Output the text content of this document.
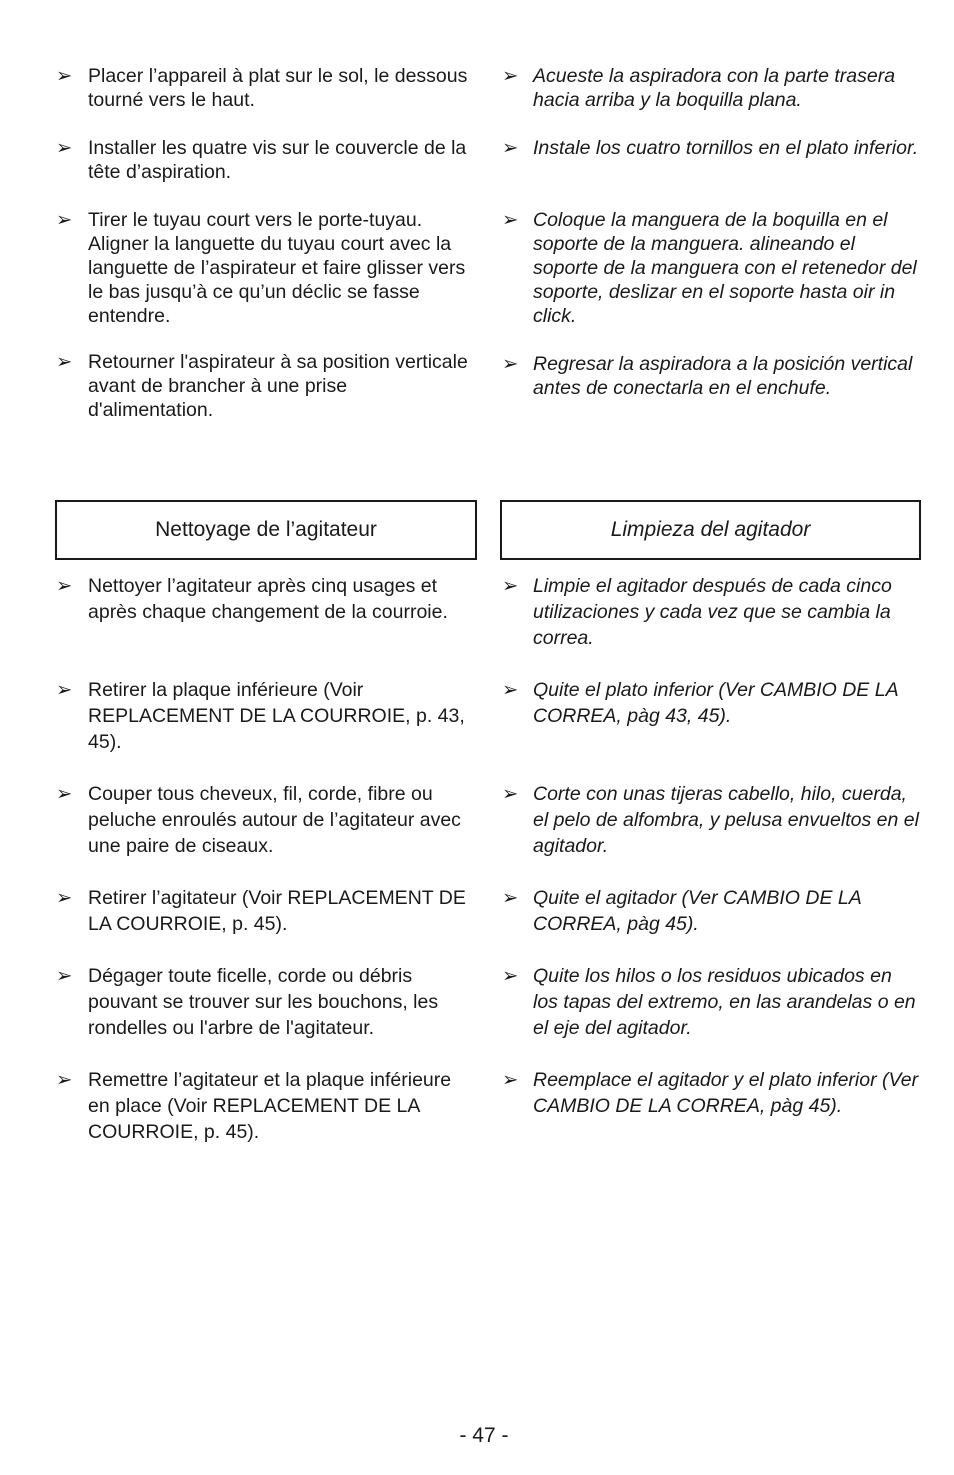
➢ Placer l’appareil à plat sur le sol, le dessous tourné vers le haut.
➢ Installer les quatre vis sur le couvercle de la tête d’aspiration.
➢ Tirer le tuyau court vers le porte-tuyau. Aligner la languette du tuyau court avec la languette de l’aspirateur et faire glisser vers le bas jusqu’à ce qu’un déclic se fasse entendre.
➢ Retourner l'aspirateur à sa position verticale avant de brancher à une prise d'alimentation.
➢ Acueste la aspiradora con la parte trasera hacia arriba y la boquilla plana.
➢ Instale los cuatro tornillos en el plato inferior.
➢ Coloque la manguera de la boquilla en el soporte de la manguera. alineando el soporte de la manguera con el retenedor del soporte, deslizar en el soporte hasta oir in click.
➢ Regresar la aspiradora a la posición vertical antes de conectarla en el enchufe.
Nettoyage de l’agitateur	Limpieza del agitador
➢ Nettoyer l’agitateur après cinq usages et après chaque changement de la courroie.
➢ Retirer la plaque inférieure (Voir REPLACEMENT DE LA COURROIE, p. 43, 45).
➢ Couper tous cheveux, fil, corde, fibre ou peluche enroulés autour de l’agitateur avec une paire de ciseaux.
➢ Retirer l’agitateur (Voir REPLACEMENT DE LA COURROIE, p. 45).
➢ Dégager toute ficelle, corde ou débris pouvant se trouver sur les bouchons, les rondelles ou l'arbre de l'agitateur.
➢ Remettre l’agitateur et la plaque inférieure en place (Voir REPLACEMENT DE LA COURROIE, p. 45).
➢ Limpie el agitador después de cada cinco utilizaciones y cada vez que se cambia la correa.
➢ Quite el plato inferior (Ver CAMBIO DE LA CORREA, pàg 43, 45).
➢ Corte con unas tijeras cabello, hilo, cuerda, el pelo de alfombra, y pelusa envueltos en el agitador.
➢ Quite el agitador (Ver CAMBIO DE LA CORREA, pàg 45).
➢ Quite los hilos o los residuos ubicados en los tapas del extremo, en las arandelas o en el eje del agitador.
➢ Reemplace el agitador y el plato inferior (Ver CAMBIO DE LA CORREA, pàg 45).
- 47 -
